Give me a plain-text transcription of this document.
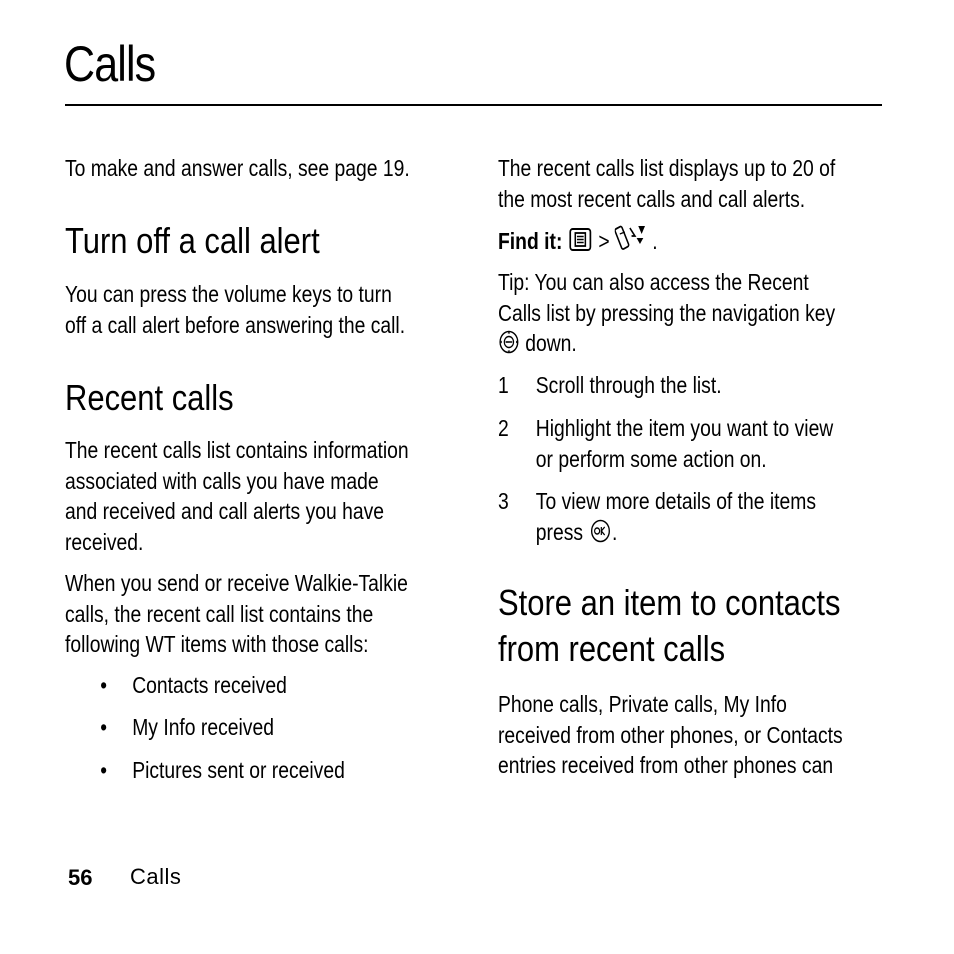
Calls

To make and answer calls, see page 19.

Turn off a call alert

You can press the volume keys to turn

off a call alert before answering the call.

Recent calls

The recent calls list contains information

associated with calls you have made

and received and call alerts you have

received.

When you send or receive Walkie-Talkie

calls, the recent call list contains the

following WT items with those calls:

• Contacts received
• My Info received
• Pictures sent or received

The recent calls list displays up to 20 of

the most recent calls and call alerts.

Find it: > .

Tip: You can also access the Recent

Calls list by pressing the navigation key

down.

1 Scroll through the list.
2 Highlight the item you want to view
or perform some action on.
3 To view more details of the items
press .
Store an item to contacts
from recent calls

Phone calls, Private calls, My Info

received from other phones, or Contacts

entries received from other phones can

56 Calls
